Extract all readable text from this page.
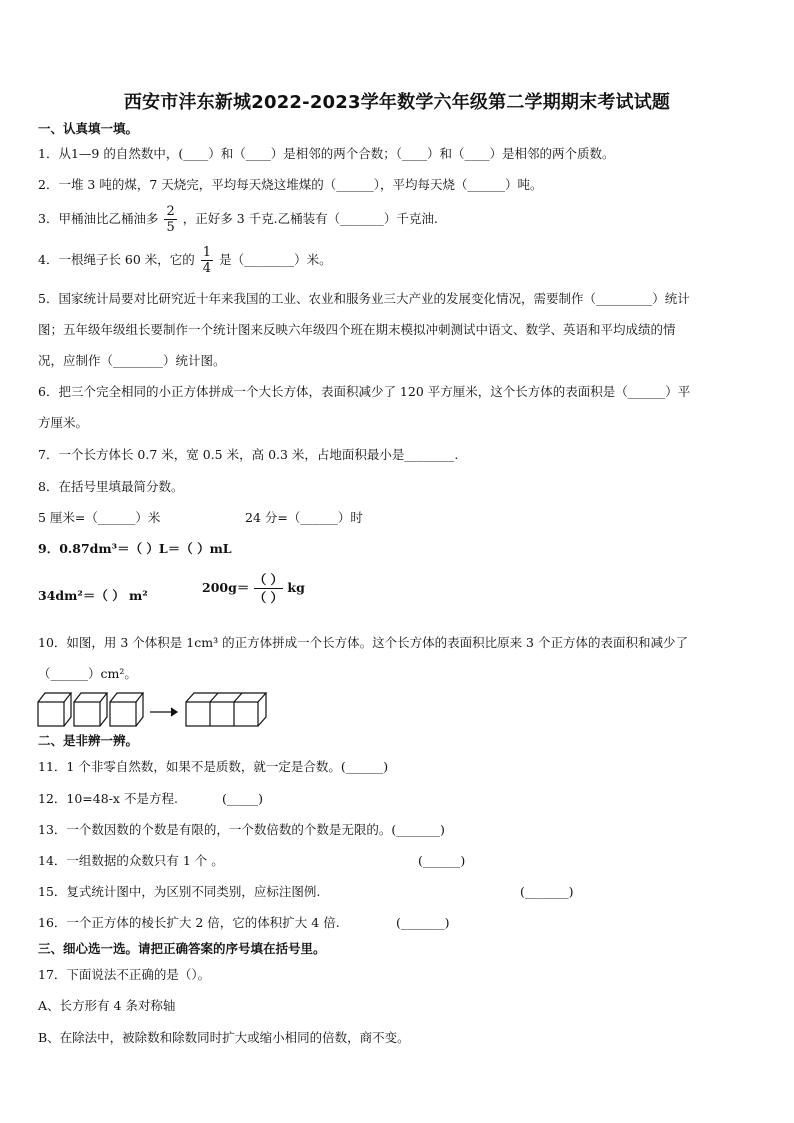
西安市沣东新城2022-2023学年数学六年级第二学期期末考试试题
一、认真填一填。
1．从1—9 的自然数中，(____）和（____）是相邻的两个合数；（____）和（____）是相邻的两个质数。
2．一堆 3 吨的煤，7 天烧完，平均每天烧这堆煤的（______），平均每天烧（______）吨。
3．甲桶油比乙桶油多 $\frac{2}{5}$ ，正好多 3 千克.乙桶装有（_______）千克油.
4．一根绳子长 60 米，它的 $\frac{1}{4}$ 是（________）米。
5．国家统计局要对比研究近十年来我国的工业、农业和服务业三大产业的发展变化情况，需要制作（_________）统计
图；五年级年级组长要制作一个统计图来反映六年级四个班在期末模拟冲刺测试中语文、数学、英语和平均成绩的情
况，应制作（________）统计图。
6．把三个完全相同的小正方体拼成一个大长方体，表面积减少了 120 平方厘米，这个长方体的表面积是（______）平
方厘米。
7．一个长方体长 0.7 米，宽 0.5 米，高 0.3 米，占地面积最小是________.
8．在括号里填最简分数。
5 厘米=（______）米	24 分=（______）时
9．0.87dm³＝（ ）L＝（ ）mL
34dm²＝（ ） m²
200g＝
（ ）
（ ）
kg
10．如图，用 3 个体积是 1cm³ 的正方体拼成一个长方体。这个长方体的表面积比原来 3 个正方体的表面积和减少了
（______）cm²。
二、是非辨一辨。
11．1 个非零自然数，如果不是质数，就一定是合数。(______)
12．10=48-x 不是方程.	(_____)
13．一个数因数的个数是有限的，一个数倍数的个数是无限的。(_______)
14．一组数据的众数只有 1 个 。	(______)
15．复式统计图中，为区别不同类别，应标注图例.	(_______)
16．一个正方体的棱长扩大 2 倍，它的体积扩大 4 倍.	(_______)
三、细心选一选。请把正确答案的序号填在括号里。
17．下面说法不正确的是（）。
A、长方形有 4 条对称轴
B、在除法中，被除数和除数同时扩大或缩小相同的倍数，商不变。
